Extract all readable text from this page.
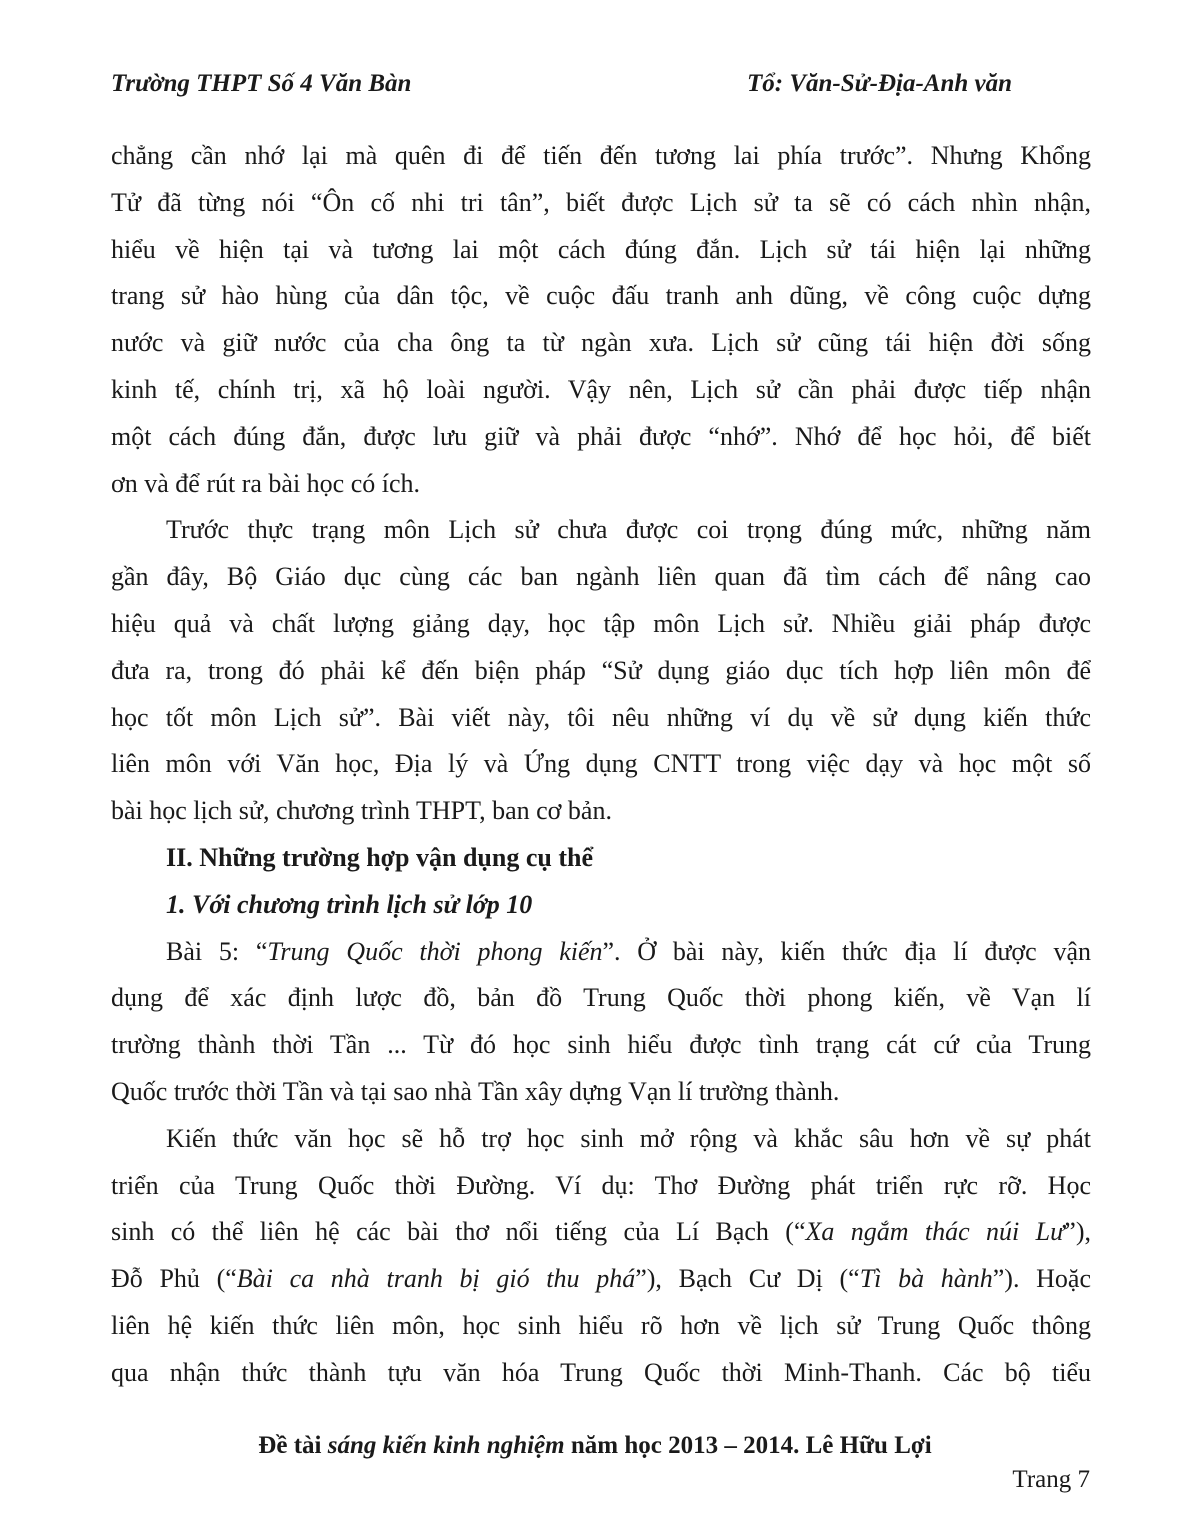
Trường THPT Số 4 Văn Bàn	Tổ: Văn-Sử-Địa-Anh văn

chẳng cần nhớ lại mà quên đi để tiến đến tương lai phía trước”. Nhưng Khổng
Tử đã từng nói “Ôn cố nhi tri tân”, biết được Lịch sử ta sẽ có cách nhìn nhận,
hiểu về hiện tại và tương lai một cách đúng đắn. Lịch sử tái hiện lại những
trang sử hào hùng của dân tộc, về cuộc đấu tranh anh dũng, về công cuộc dựng
nước và giữ nước của cha ông ta từ ngàn xưa. Lịch sử cũng tái hiện đời sống
kinh tế, chính trị, xã hộ loài người. Vậy nên, Lịch sử cần phải được tiếp nhận
một cách đúng đắn, được lưu giữ và phải được “nhớ”. Nhớ để học hỏi, để biết
ơn và để rút ra bài học có ích.

Trước thực trạng môn Lịch sử chưa được coi trọng đúng mức, những năm
gần đây, Bộ Giáo dục cùng các ban ngành liên quan đã tìm cách để nâng cao
hiệu quả và chất lượng giảng dạy, học tập môn Lịch sử. Nhiều giải pháp được
đưa ra, trong đó phải kể đến biện pháp “Sử dụng giáo dục tích hợp liên môn để
học tốt môn Lịch sử”. Bài viết này, tôi nêu những ví dụ về sử dụng kiến thức
liên môn với Văn học, Địa lý và Ứng dụng CNTT trong việc dạy và học một số
bài học lịch sử, chương trình THPT, ban cơ bản.

II. Những trường hợp vận dụng cụ thể
1. Với chương trình lịch sử lớp 10

Bài 5: “Trung Quốc thời phong kiến”. Ở bài này, kiến thức địa lí được vận
dụng để xác định lược đồ, bản đồ Trung Quốc thời phong kiến, về Vạn lí
trường thành thời Tần ... Từ đó học sinh hiểu được tình trạng cát cứ của Trung
Quốc trước thời Tần và tại sao nhà Tần xây dựng Vạn lí trường thành.

Kiến thức văn học sẽ hỗ trợ học sinh mở rộng và khắc sâu hơn về sự phát
triển của Trung Quốc thời Đường. Ví dụ: Thơ Đường phát triển rực rỡ. Học
sinh có thể liên hệ các bài thơ nổi tiếng của Lí Bạch (“Xa ngắm thác núi Lư”),
Đỗ Phủ (“Bài ca nhà tranh bị gió thu phá”), Bạch Cư Dị (“Tì bà hành”). Hoặc
liên hệ kiến thức liên môn, học sinh hiểu rõ hơn về lịch sử Trung Quốc thông
qua nhận thức thành tựu văn hóa Trung Quốc thời Minh-Thanh. Các bộ tiểu

Đề tài sáng kiến kinh nghiệm năm học 2013 – 2014. Lê Hữu Lợi
Trang 7
